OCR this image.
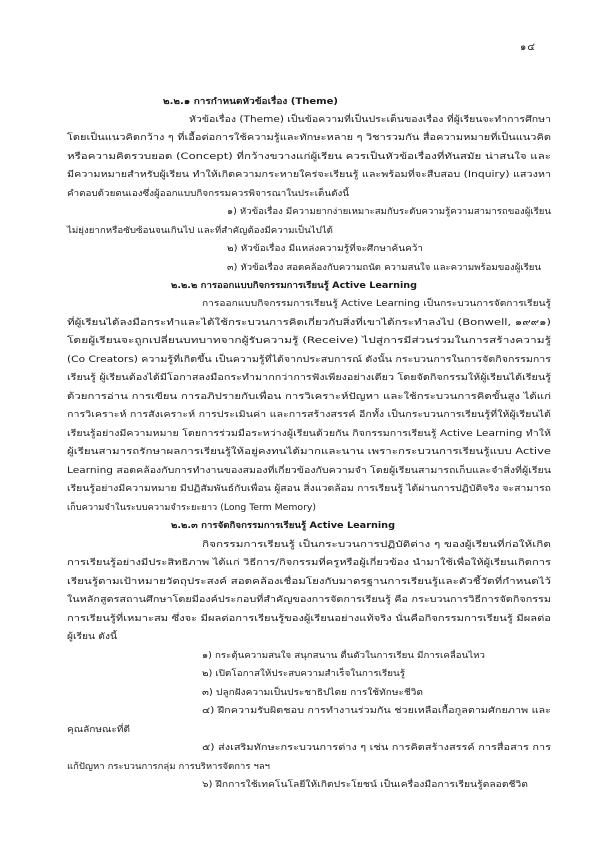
๑๔
๒.๒.๑ การกำหนดหัวข้อเรื่อง (Theme)
หัวข้อเรื่อง (Theme) เป็นข้อความที่เป็นประเด็นของเรื่อง ที่ผู้เรียนจะทำการศึกษา
โดยเป็นแนวคิดกว้าง ๆ ที่เอื้อต่อการใช้ความรู้และทักษะหลาย ๆ วิชารวมกัน สื่อความหมายที่เป็นแนวคิด
หรือความคิดรวบยอด (Concept) ที่กว้างขวางแก่ผู้เรียน ควรเป็นหัวข้อเรื่องที่ทันสมัย น่าสนใจ และ
มีความหมายสำหรับผู้เรียน ทำให้เกิดความกระหายใคร่จะเรียนรู้ และพร้อมที่จะสืบสอบ (Inquiry) แสวงหา
คำตอบด้วยตนเองซึ่งผู้ออกแบบกิจกรรมควรพิจารณาในประเด็นดังนี้
๑) หัวข้อเรื่อง มีความยากง่ายเหมาะสมกับระดับความรู้ความสามารถของผู้เรียน
ไม่ยุ่งยากหรือซับซ้อนจนเกินไป และที่สำคัญต้องมีความเป็นไปได้
๒) หัวข้อเรื่อง มีแหล่งความรู้ที่จะศึกษาค้นคว้า
๓) หัวข้อเรื่อง สอดคล้องกับความถนัด ความสนใจ และความพร้อมของผู้เรียน
๒.๒.๒ การออกแบบกิจกรรมการเรียนรู้ Active Learning
การออกแบบกิจกรรมการเรียนรู้ Active Learning เป็นกระบวนการจัดการเรียนรู้
ที่ผู้เรียนได้ลงมือกระทำและได้ใช้กระบวนการคิดเกี่ยวกับสิ่งที่เขาได้กระทำลงไป (Bonwell, ๑๙๙๑)
โดยผู้เรียนจะถูกเปลี่ยนบทบาทจากผู้รับความรู้ (Receive) ไปสู่การมีส่วนร่วมในการสร้างความรู้
(Co Creators) ความรู้ที่เกิดขึ้น เป็นความรู้ที่ได้จากประสบการณ์ ดังนั้น กระบวนการในการจัดกิจกรรมการ
เรียนรู้ ผู้เรียนต้องได้มีโอกาสลงมือกระทำมากกว่าการฟังเพียงอย่างเดียว โดยจัดกิจกรรมให้ผู้เรียนได้เรียนรู้
ด้วยการอ่าน การเขียน การอภิปรายกับเพื่อน การวิเคราะห์ปัญหา และใช้กระบวนการคิดขั้นสูง ได้แก่
การวิเคราะห์ การสังเคราะห์ การประเมินค่า และการสร้างสรรค์ อีกทั้ง เป็นกระบวนการเรียนรู้ที่ให้ผู้เรียนได้
เรียนรู้อย่างมีความหมาย โดยการร่วมมือระหว่างผู้เรียนด้วยกัน กิจกรรมการเรียนรู้ Active Learning ทำให้
ผู้เรียนสามารถรักษาผลการเรียนรู้ให้อยู่คงทนได้มากและนาน เพราะกระบวนการเรียนรู้แบบ Active
Learning สอดคล้องกับการทำงานของสมองที่เกี่ยวข้องกับความจำ โดยผู้เรียนสามารถเก็บและจำสิ่งที่ผู้เรียน
เรียนรู้อย่างมีความหมาย มีปฏิสัมพันธ์กับเพื่อน ผู้สอน สิ่งแวดล้อม การเรียนรู้ ได้ผ่านการปฏิบัติจริง จะสามารถ
เก็บความจำในระบบความจำระยะยาว (Long Term Memory)
๒.๒.๓ การจัดกิจกรรมการเรียนรู้ Active Learning
กิจกรรมการเรียนรู้ เป็นกระบวนการปฏิบัติต่าง ๆ ของผู้เรียนที่ก่อให้เกิด
การเรียนรู้อย่างมีประสิทธิภาพ ได้แก่ วิธีการ/กิจกรรมที่ครูหรือผู้เกี่ยวข้อง นำมาใช้เพื่อให้ผู้เรียนเกิดการ
เรียนรู้ตามเป้าหมายวัตถุประสงค์ สอดคล้องเชื่อมโยงกับมาตรฐานการเรียนรู้และตัวชี้วัดที่กำหนดไว้
ในหลักสูตรสถานศึกษาโดยมีองค์ประกอบที่สำคัญของการจัดการเรียนรู้ คือ กระบวนการวิธีการจัดกิจกรรม
การเรียนรู้ที่เหมาะสม ซึ่งจะ มีผลต่อการเรียนรู้ของผู้เรียนอย่างแท้จริง นั่นคือกิจกรรมการเรียนรู้ มีผลต่อ
ผู้เรียน ดังนี้
๑) กระตุ้นความสนใจ สนุกสนาน ตื่นตัวในการเรียน มีการเคลื่อนไหว
๒) เปิดโอกาสให้ประสบความสำเร็จในการเรียนรู้
๓) ปลูกฝังความเป็นประชาธิปไตย การใช้ทักษะชีวิต
๔) ฝึกความรับผิดชอบ การทำงานร่วมกัน ช่วยเหลือเกื้อกูลตามศักยภาพ และ
คุณลักษณะที่ดี
๕) ส่งเสริมทักษะกระบวนการต่าง ๆ เช่น การคิดสร้างสรรค์ การสื่อสาร การ
แก้ปัญหา กระบวนการกลุ่ม การบริหารจัดการ ฯลฯ
๖) ฝึกการใช้เทคโนโลยีให้เกิดประโยชน์ เป็นเครื่องมือการเรียนรู้ตลอดชีวิต
